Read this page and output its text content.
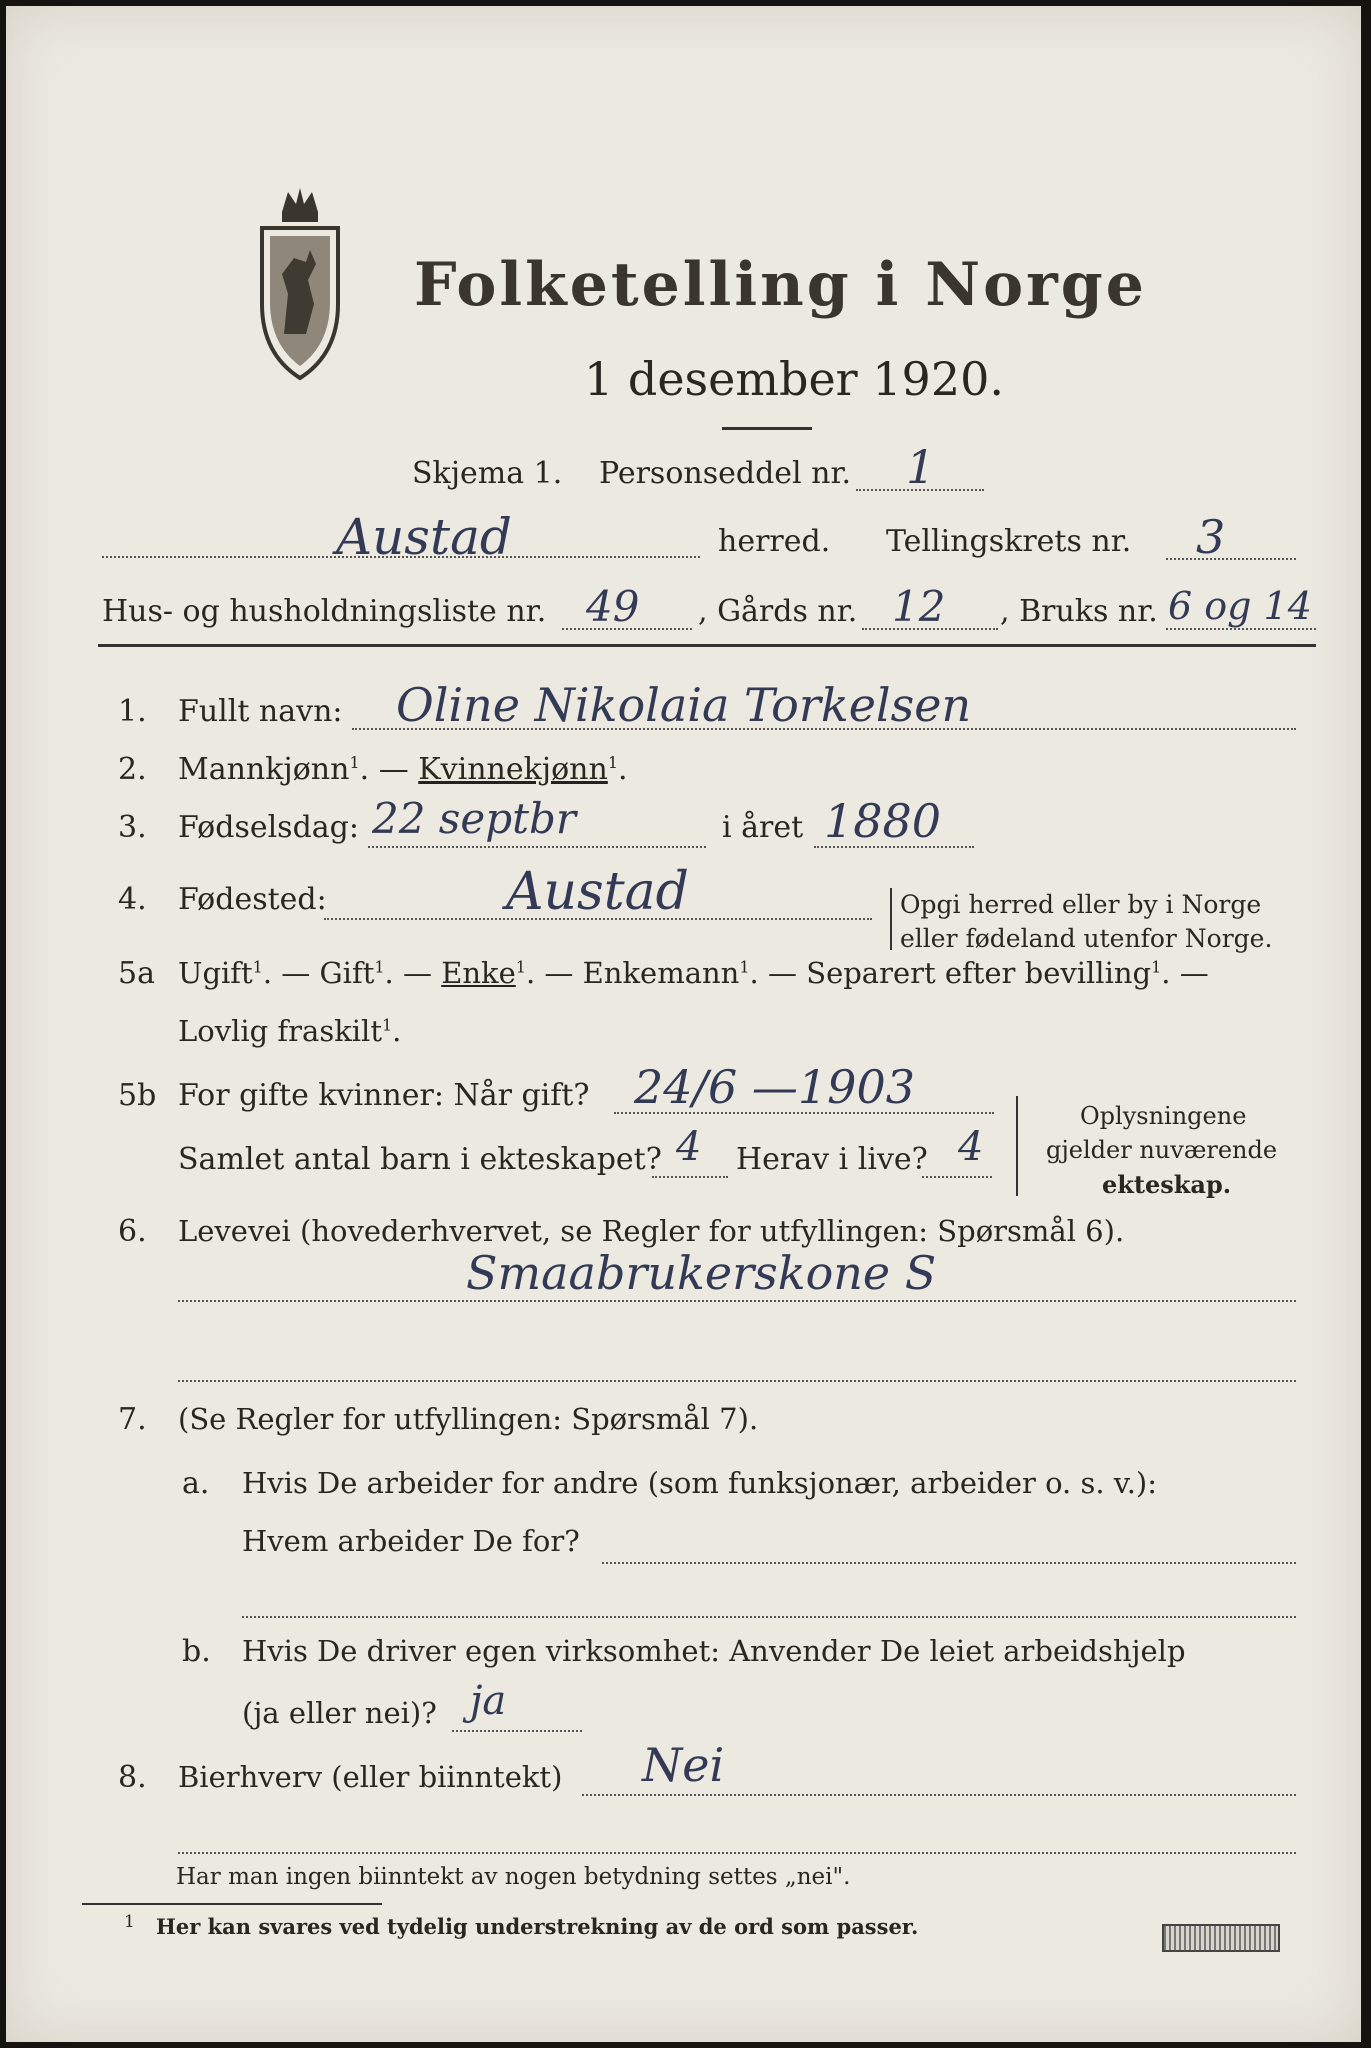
Folketelling i Norge
1 desember 1920.
Skjema 1. Personseddel nr. 1
Austad	herred. Tellingskrets nr. 3
Hus- og husholdningsliste nr. 49 , Gårds nr. 12 , Bruks nr. 6 og 14
1. Fullt navn: Oline Nikolaia Torkelsen
2. Mannkjønn$^1$. — Kvinnekjønn$^1$.
3. Fødselsdag: 22 septbr	i året 1880
4. Fødested:	Austad	Opgi herred eller by i Norge
eller fødeland utenfor Norge.
5a Ugift$^1$. — Gift$^1$. — Enke$^1$. — Enkemann$^1$. — Separert efter bevilling$^1$. —
Lovlig fraskilt$^1$.
5b For gifte kvinner: Når gift? 24/6 —1903
Samlet antal barn i ekteskapet? 4 Herav i live? 4
Oplysningene
gjelder nuværende
ekteskap.
6. Levevei (hovederhvervet, se Regler for utfyllingen: Spørsmål 6).
Smaabrukerskone S
7. (Se Regler for utfyllingen: Spørsmål 7).
a. Hvis De arbeider for andre (som funksjonær, arbeider o. s. v.):
Hvem arbeider De for?
b. Hvis De driver egen virksomhet: Anvender De leiet arbeidshjelp
(ja eller nei)? ja
8. Bierhverv (eller biinntekt) Nei
Har man ingen biinntekt av nogen betydning settes „nei".
1 Her kan svares ved tydelig understrekning av de ord som passer.
